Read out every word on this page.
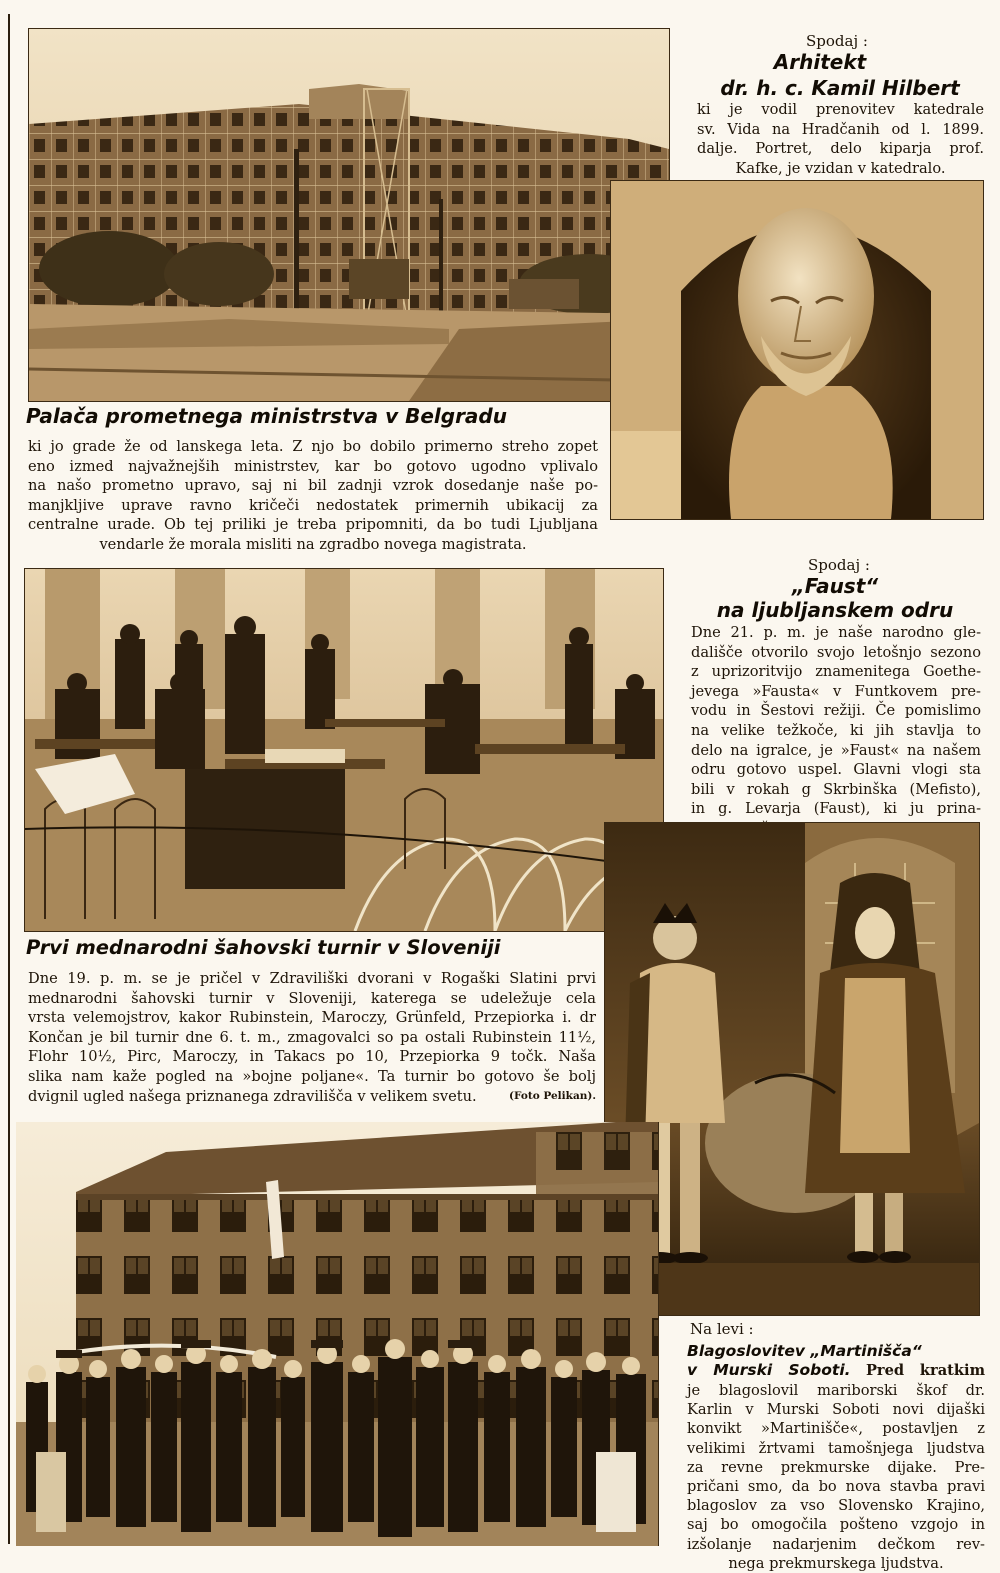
Spodaj :
Arhitekt
dr. h. c. Kamil Hilbert
ki je vodil prenovitev katedrale
sv. Vida na Hradčanih od l. 1899.
dalje. Portret, delo kiparja prof.
Kafke, je vzidan v katedralo.
Palača prometnega ministrstva v Belgradu
ki jo grade že od lanskega leta. Z njo bo dobilo primerno streho zopet
eno izmed najvažnejših ministrstev, kar bo gotovo ugodno vplivalo
na našo prometno upravo, saj ni bil zadnji vzrok dosedanje naše po-
manjkljive uprave ravno kričeči nedostatek primernih ubikacij za
centralne urade. Ob tej priliki je treba pripomniti, da bo tudi Ljubljana
vendarle že morala misliti na zgradbo novega magistrata.
Spodaj :
„Faust“
na ljubljanskem odru
Dne 21. p. m. je naše narodno gle-
dališče otvorilo svojo letošnjo sezono
z uprizoritvijo znamenitega Goethe-
jevega »Fausta« v Funtkovem pre-
vodu in Šestovi režiji. Če pomislimo
na velike težkoče, ki jih stavlja to
delo na igralce, je »Faust« na našem
odru gotovo uspel. Glavni vlogi sta
bili v rokah g Skrbinška (Mefisto),
in g. Levarja (Faust), ki ju prina-
Prvi mednarodni šahovski turnir v Sloveniji
Dne 19. p. m. se je pričel v Zdraviliški dvorani v Rogaški Slatini prvi
mednarodni šahovski turnir v Sloveniji, katerega se udeležuje cela
vrsta velemojstrov, kakor Rubinstein, Maroczy, Grünfeld, Przepiorka i. dr
Končan je bil turnir dne 6. t. m., zmagovalci so pa ostali Rubinstein 11½,
Flohr 10½, Pirc, Maroczy, in Takacs po 10, Przepiorka 9 točk. Naša
slika nam kaže pogled na »bojne poljane«. Ta turnir bo gotovo še bolj
dvignil ugled našega priznanega zdravilišča v velikem svetu.	(Foto Pelikan).
Na levi :
Blagoslovitev „Martinišča“
v Murski Soboti. Pred kratkim
je blagoslovil mariborski škof dr.
Karlin v Murski Soboti novi dijaški
konvikt »Martinišče«, postavljen z
velikimi žrtvami tamošnjega ljudstva
za revne prekmurske dijake. Pre-
pričani smo, da bo nova stavba pravi
blagoslov za vso Slovensko Krajino,
saj bo omogočila pošteno vzgojo in
izšolanje nadarjenim dečkom rev-
nega prekmurskega ljudstva.
